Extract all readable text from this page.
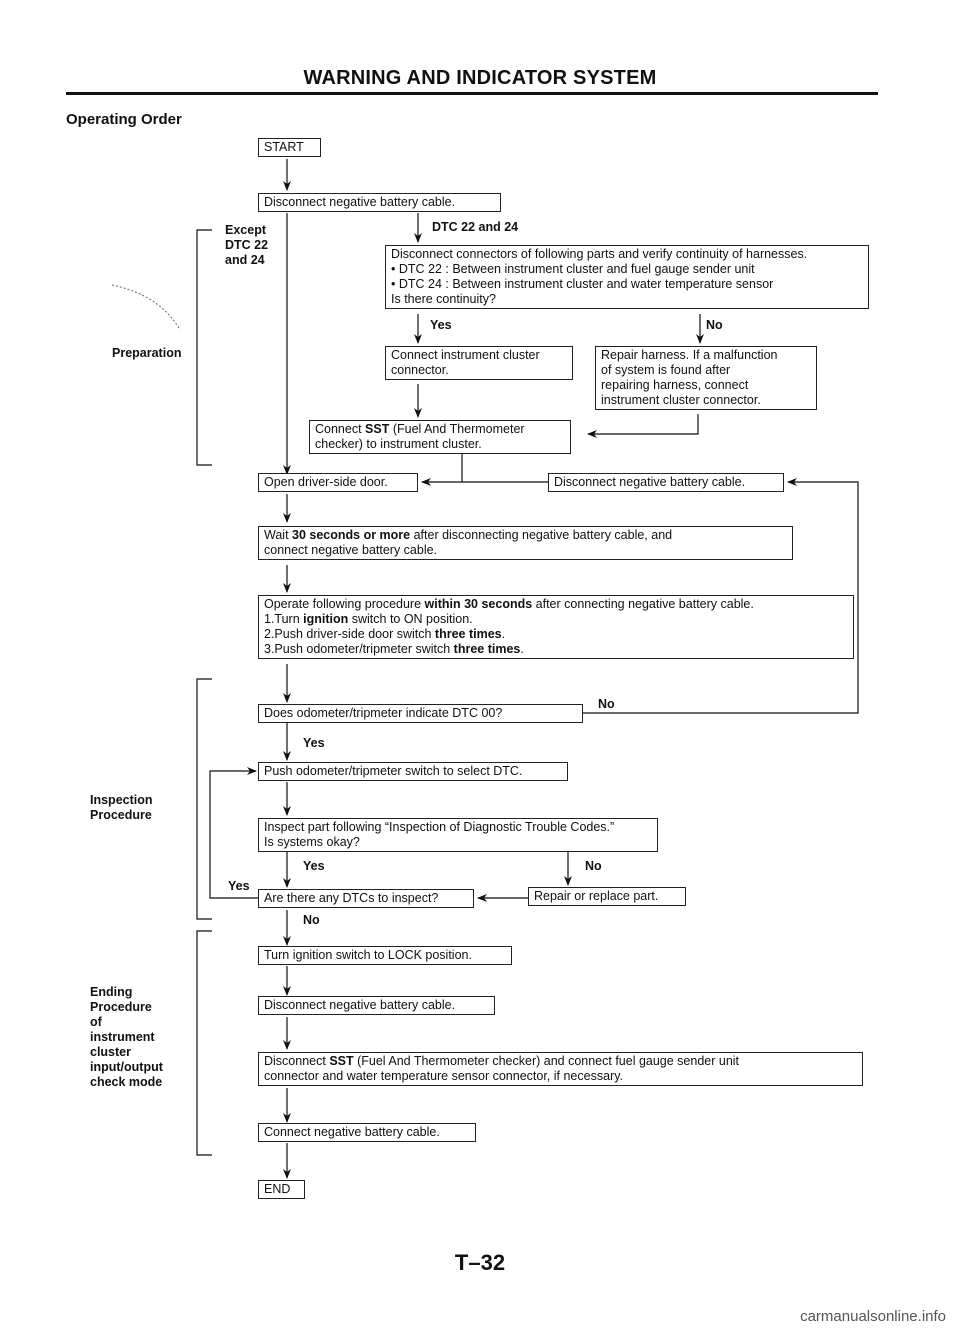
WARNING AND INDICATOR SYSTEM
Operating Order
Except
DTC 22
and 24
Preparation
Inspection
Procedure
Ending
Procedure
of
instrument
cluster
input/output
check mode
START
Disconnect negative battery cable.
DTC 22 and 24
Disconnect connectors of following parts and verify continuity of harnesses.
• DTC 22 : Between instrument cluster and fuel gauge sender unit
• DTC 24 : Between instrument cluster and water temperature sensor
Is there continuity?
Yes	No
Connect instrument cluster
connector.
Repair harness. If a malfunction
of system is found after
repairing harness, connect
instrument cluster connector.
Connect SST (Fuel And Thermometer
checker) to instrument cluster.
Open driver-side door.	Disconnect negative battery cable.
Wait 30 seconds or more after disconnecting negative battery cable, and
connect negative battery cable.
Operate following procedure within 30 seconds after connecting negative battery cable.
1.Turn ignition switch to ON position.
2.Push driver-side door switch three times.
3.Push odometer/tripmeter switch three times.
Does odometer/tripmeter indicate DTC 00?
No
Yes
Push odometer/tripmeter switch to select DTC.
Inspect part following “Inspection of Diagnostic Trouble Codes.”
Is systems okay?
Yes	No
Yes
Are there any DTCs to inspect?	Repair or replace part.
No
Turn ignition switch to LOCK position.
Disconnect negative battery cable.
Disconnect SST (Fuel And Thermometer checker) and connect fuel gauge sender unit
connector and water temperature sensor connector, if necessary.
Connect negative battery cable.
END
T–32
carmanualsonline.info
